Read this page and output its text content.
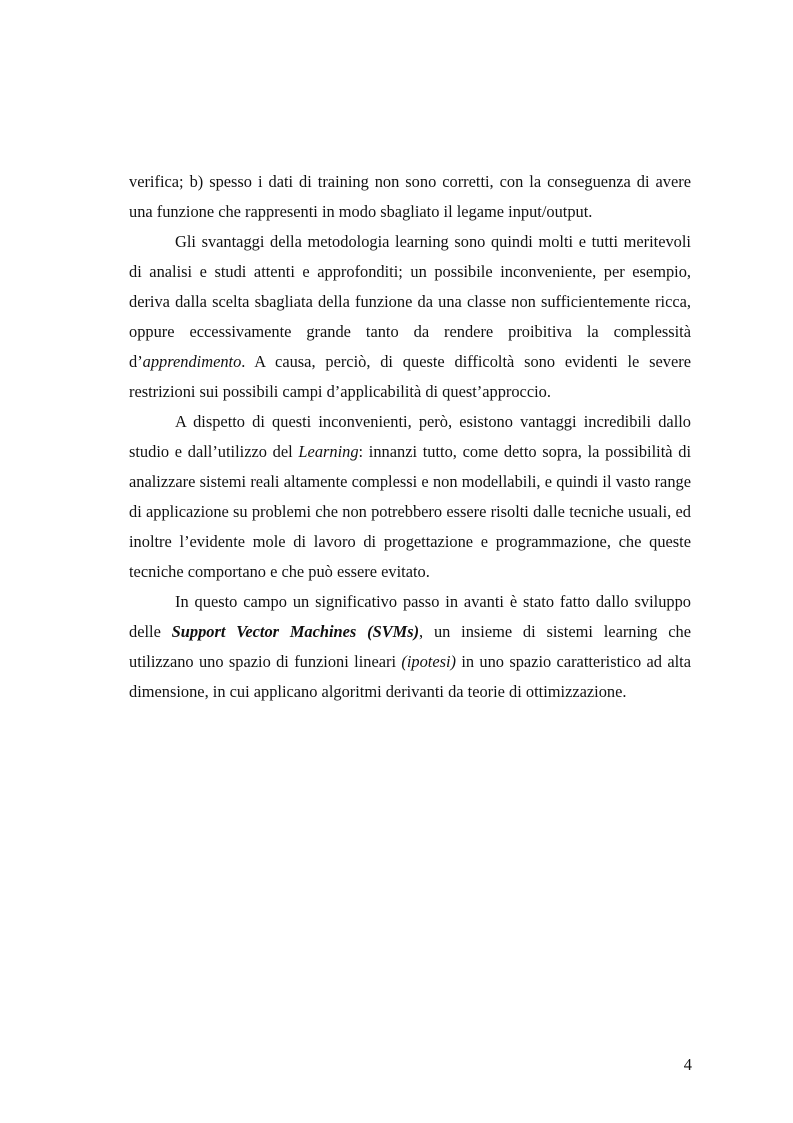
verifica; b) spesso i dati di training non sono corretti, con la conseguenza di avere una funzione che rappresenti in modo sbagliato il legame input/output.

Gli svantaggi della metodologia learning sono quindi molti e tutti meritevoli di analisi e studi attenti e approfonditi; un possibile inconveniente, per esempio, deriva dalla scelta sbagliata della funzione da una classe non sufficientemente ricca, oppure eccessivamente grande tanto da rendere proibitiva la complessità d’apprendimento. A causa, perciò, di queste difficoltà sono evidenti le severe restrizioni sui possibili campi d’applicabilità di quest’approccio.

A dispetto di questi inconvenienti, però, esistono vantaggi incredibili dallo studio e dall’utilizzo del Learning: innanzi tutto, come detto sopra, la possibilità di analizzare sistemi reali altamente complessi e non modellabili, e quindi il vasto range di applicazione su problemi che non potrebbero essere risolti dalle tecniche usuali, ed inoltre l’evidente mole di lavoro di progettazione e programmazione, che queste tecniche comportano e che può essere evitato.

In questo campo un significativo passo in avanti è stato fatto dallo sviluppo delle Support Vector Machines (SVMs), un insieme di sistemi learning che utilizzano uno spazio di funzioni lineari (ipotesi) in uno spazio caratteristico ad alta dimensione, in cui applicano algoritmi derivanti da teorie di ottimizzazione.

4
